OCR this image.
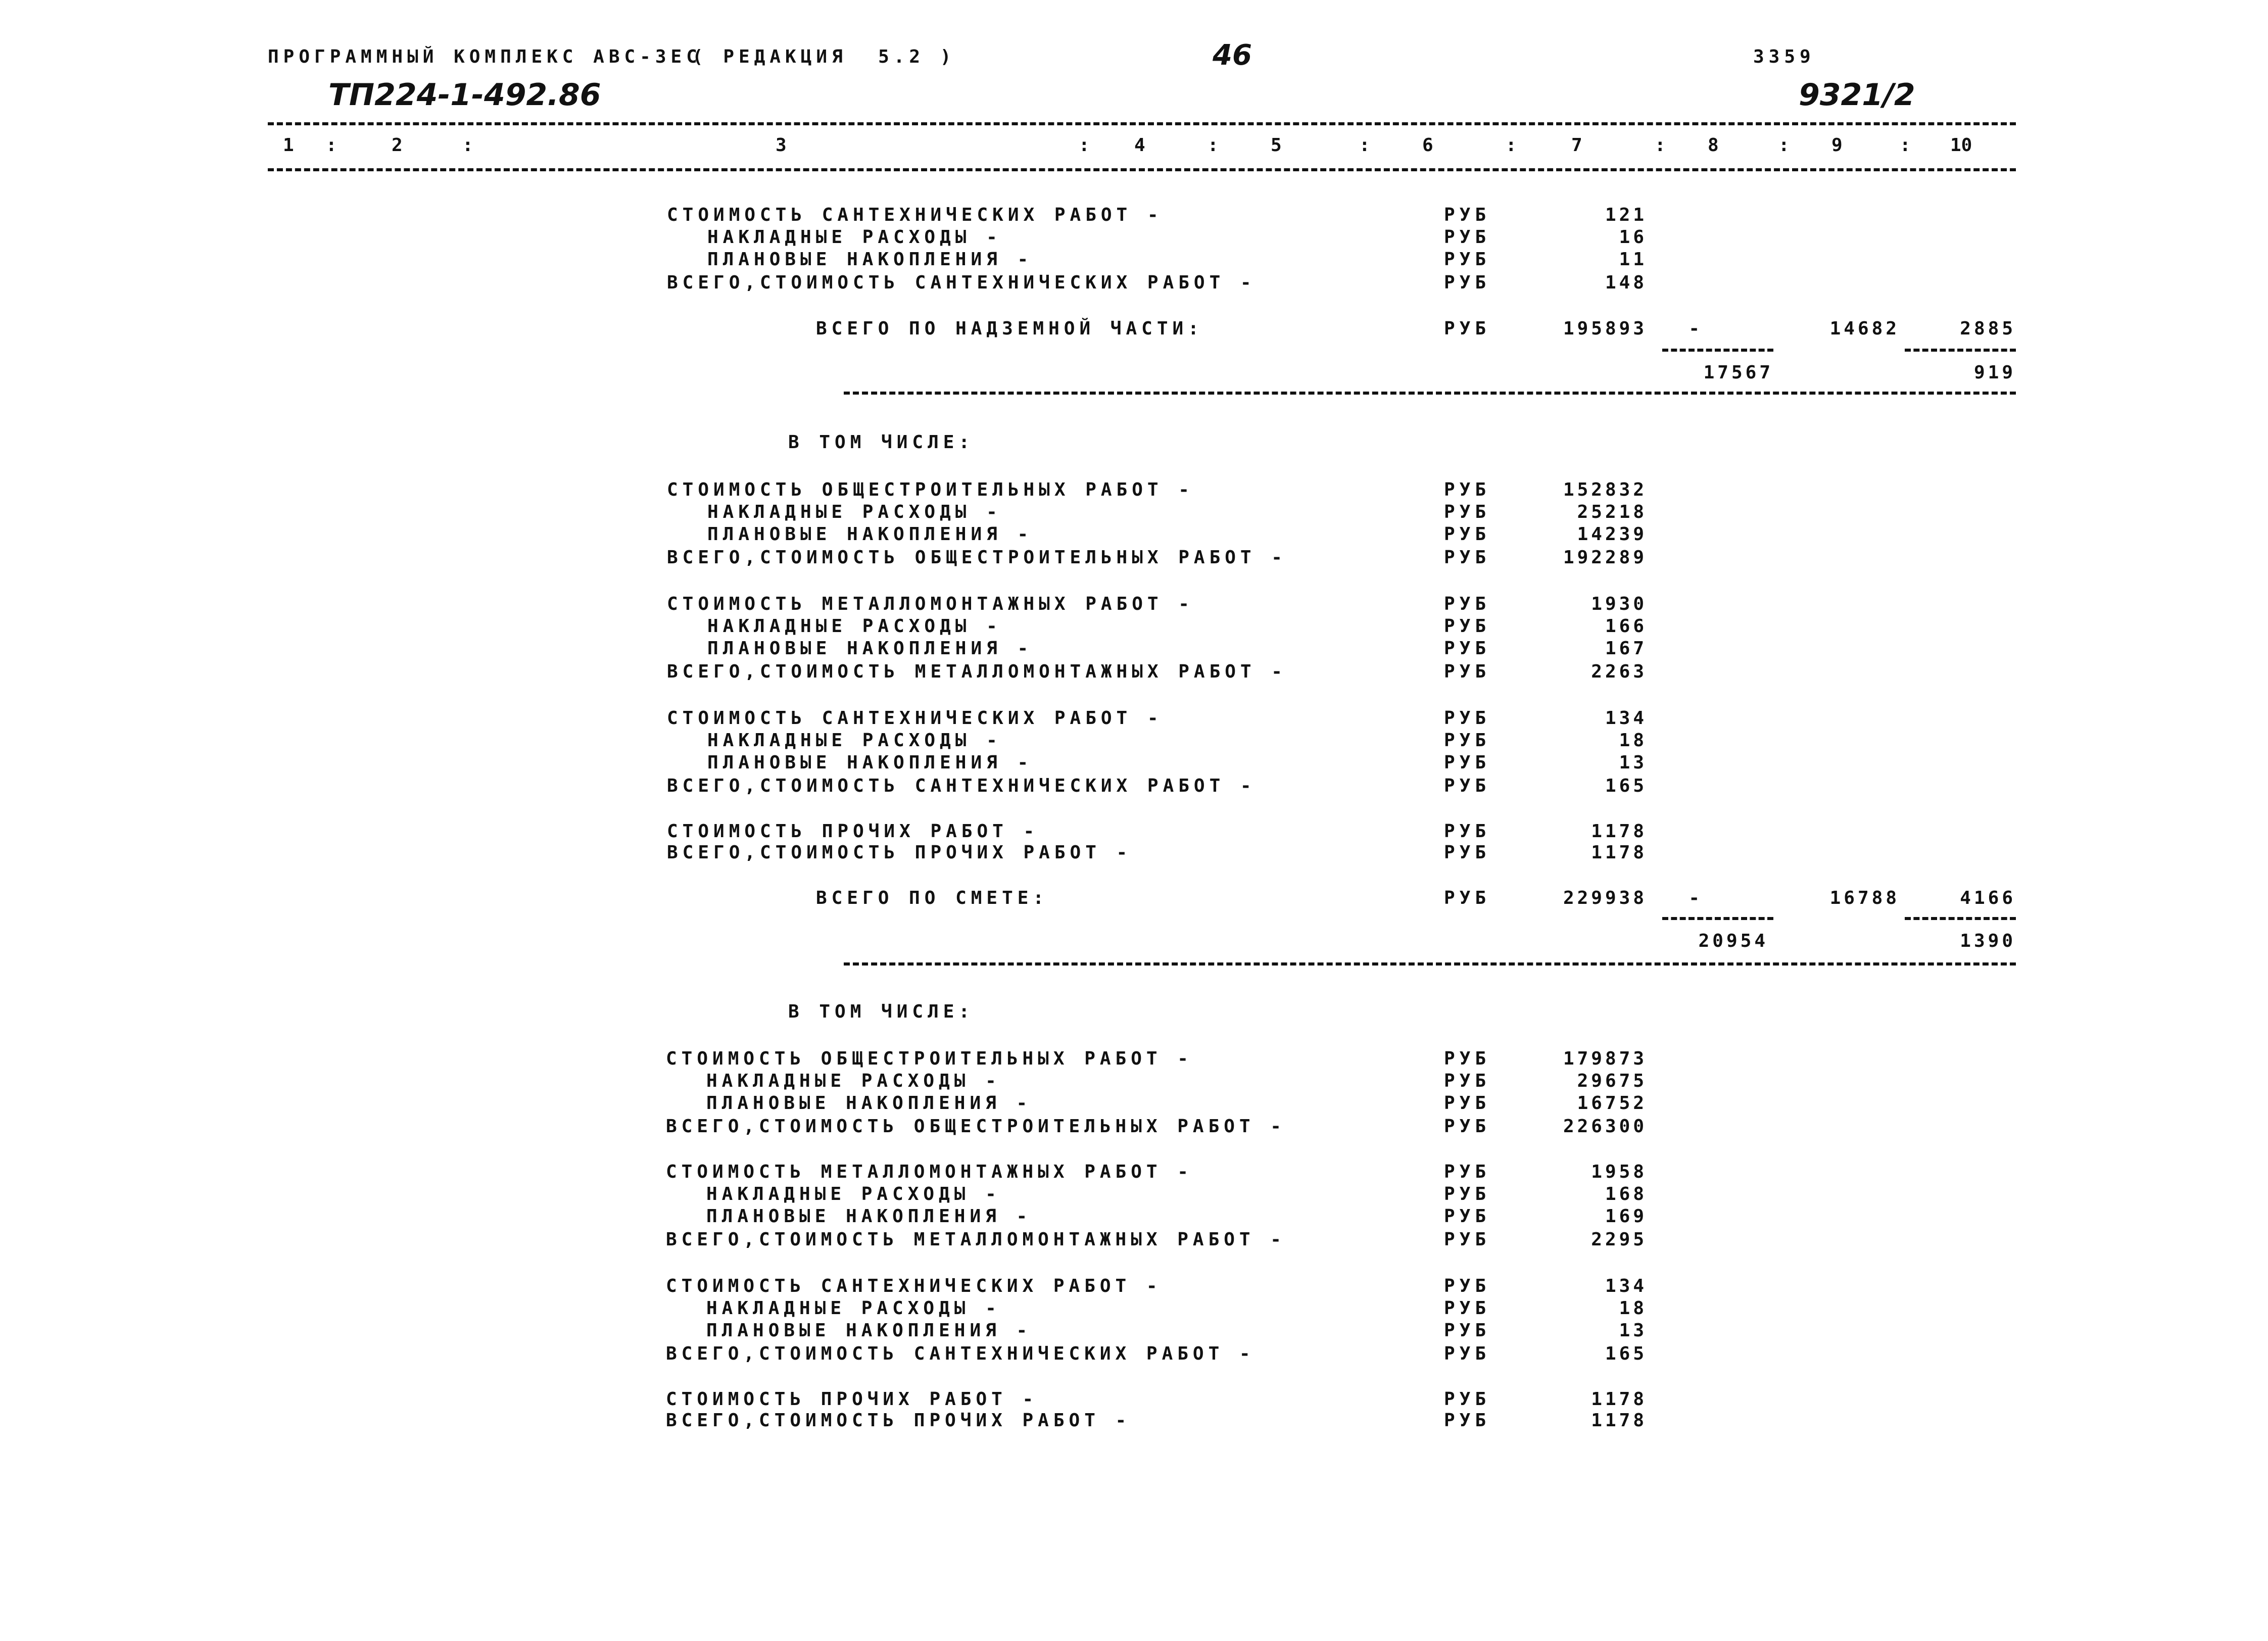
ПРОГРАММНЫЙ КОМПЛЕКС АВС-ЗЕС
( РЕДАКЦИЯ  5.2 )	46	3359
ТП224-1-492.86	9321/2
1 :	2	:	3	: 4	:	5	:	6	:	7	: 8	: 9	: 10
СТОИМОСТЬ САНТЕХНИЧЕСКИХ РАБОТ -	РУБ	121
НАКЛАДНЫЕ РАСХОДЫ -	РУБ	16
ПЛАНОВЫЕ НАКОПЛЕНИЯ -	РУБ	11
ВСЕГО,СТОИМОСТЬ САНТЕХНИЧЕСКИХ РАБОТ -	РУБ	148
ВСЕГО ПО НАДЗЕМНОЙ ЧАСТИ:	РУБ	195893	-	14682	2885
17567	919
В ТОМ ЧИСЛЕ:
СТОИМОСТЬ ОБЩЕСТРОИТЕЛЬНЫХ РАБОТ -	РУБ	152832
НАКЛАДНЫЕ РАСХОДЫ -	РУБ	25218
ПЛАНОВЫЕ НАКОПЛЕНИЯ -	РУБ	14239
ВСЕГО,СТОИМОСТЬ ОБЩЕСТРОИТЕЛЬНЫХ РАБОТ -	РУБ	192289
СТОИМОСТЬ МЕТАЛЛОМОНТАЖНЫХ РАБОТ -	РУБ	1930
НАКЛАДНЫЕ РАСХОДЫ -	РУБ	166
ПЛАНОВЫЕ НАКОПЛЕНИЯ -	РУБ	167
ВСЕГО,СТОИМОСТЬ МЕТАЛЛОМОНТАЖНЫХ РАБОТ -	РУБ	2263
СТОИМОСТЬ САНТЕХНИЧЕСКИХ РАБОТ -	РУБ	134
НАКЛАДНЫЕ РАСХОДЫ -	РУБ	18
ПЛАНОВЫЕ НАКОПЛЕНИЯ -	РУБ	13
ВСЕГО,СТОИМОСТЬ САНТЕХНИЧЕСКИХ РАБОТ -	РУБ	165
СТОИМОСТЬ ПРОЧИХ РАБОТ -	РУБ	1178
ВСЕГО,СТОИМОСТЬ ПРОЧИХ РАБОТ -	РУБ	1178
ВСЕГО ПО СМЕТЕ:	РУБ	229938	-	16788	4166
20954	1390
В ТОМ ЧИСЛЕ:
СТОИМОСТЬ ОБЩЕСТРОИТЕЛЬНЫХ РАБОТ -	РУБ	179873
НАКЛАДНЫЕ РАСХОДЫ -	РУБ	29675
ПЛАНОВЫЕ НАКОПЛЕНИЯ -	РУБ	16752
ВСЕГО,СТОИМОСТЬ ОБЩЕСТРОИТЕЛЬНЫХ РАБОТ -	РУБ	226300
СТОИМОСТЬ МЕТАЛЛОМОНТАЖНЫХ РАБОТ -	РУБ	1958
НАКЛАДНЫЕ РАСХОДЫ -	РУБ	168
ПЛАНОВЫЕ НАКОПЛЕНИЯ -	РУБ	169
ВСЕГО,СТОИМОСТЬ МЕТАЛЛОМОНТАЖНЫХ РАБОТ -	РУБ	2295
СТОИМОСТЬ САНТЕХНИЧЕСКИХ РАБОТ -	РУБ	134
НАКЛАДНЫЕ РАСХОДЫ -	РУБ	18
ПЛАНОВЫЕ НАКОПЛЕНИЯ -	РУБ	13
ВСЕГО,СТОИМОСТЬ САНТЕХНИЧЕСКИХ РАБОТ -	РУБ	165
СТОИМОСТЬ ПРОЧИХ РАБОТ -	РУБ	1178
ВСЕГО,СТОИМОСТЬ ПРОЧИХ РАБОТ -	РУБ	1178
